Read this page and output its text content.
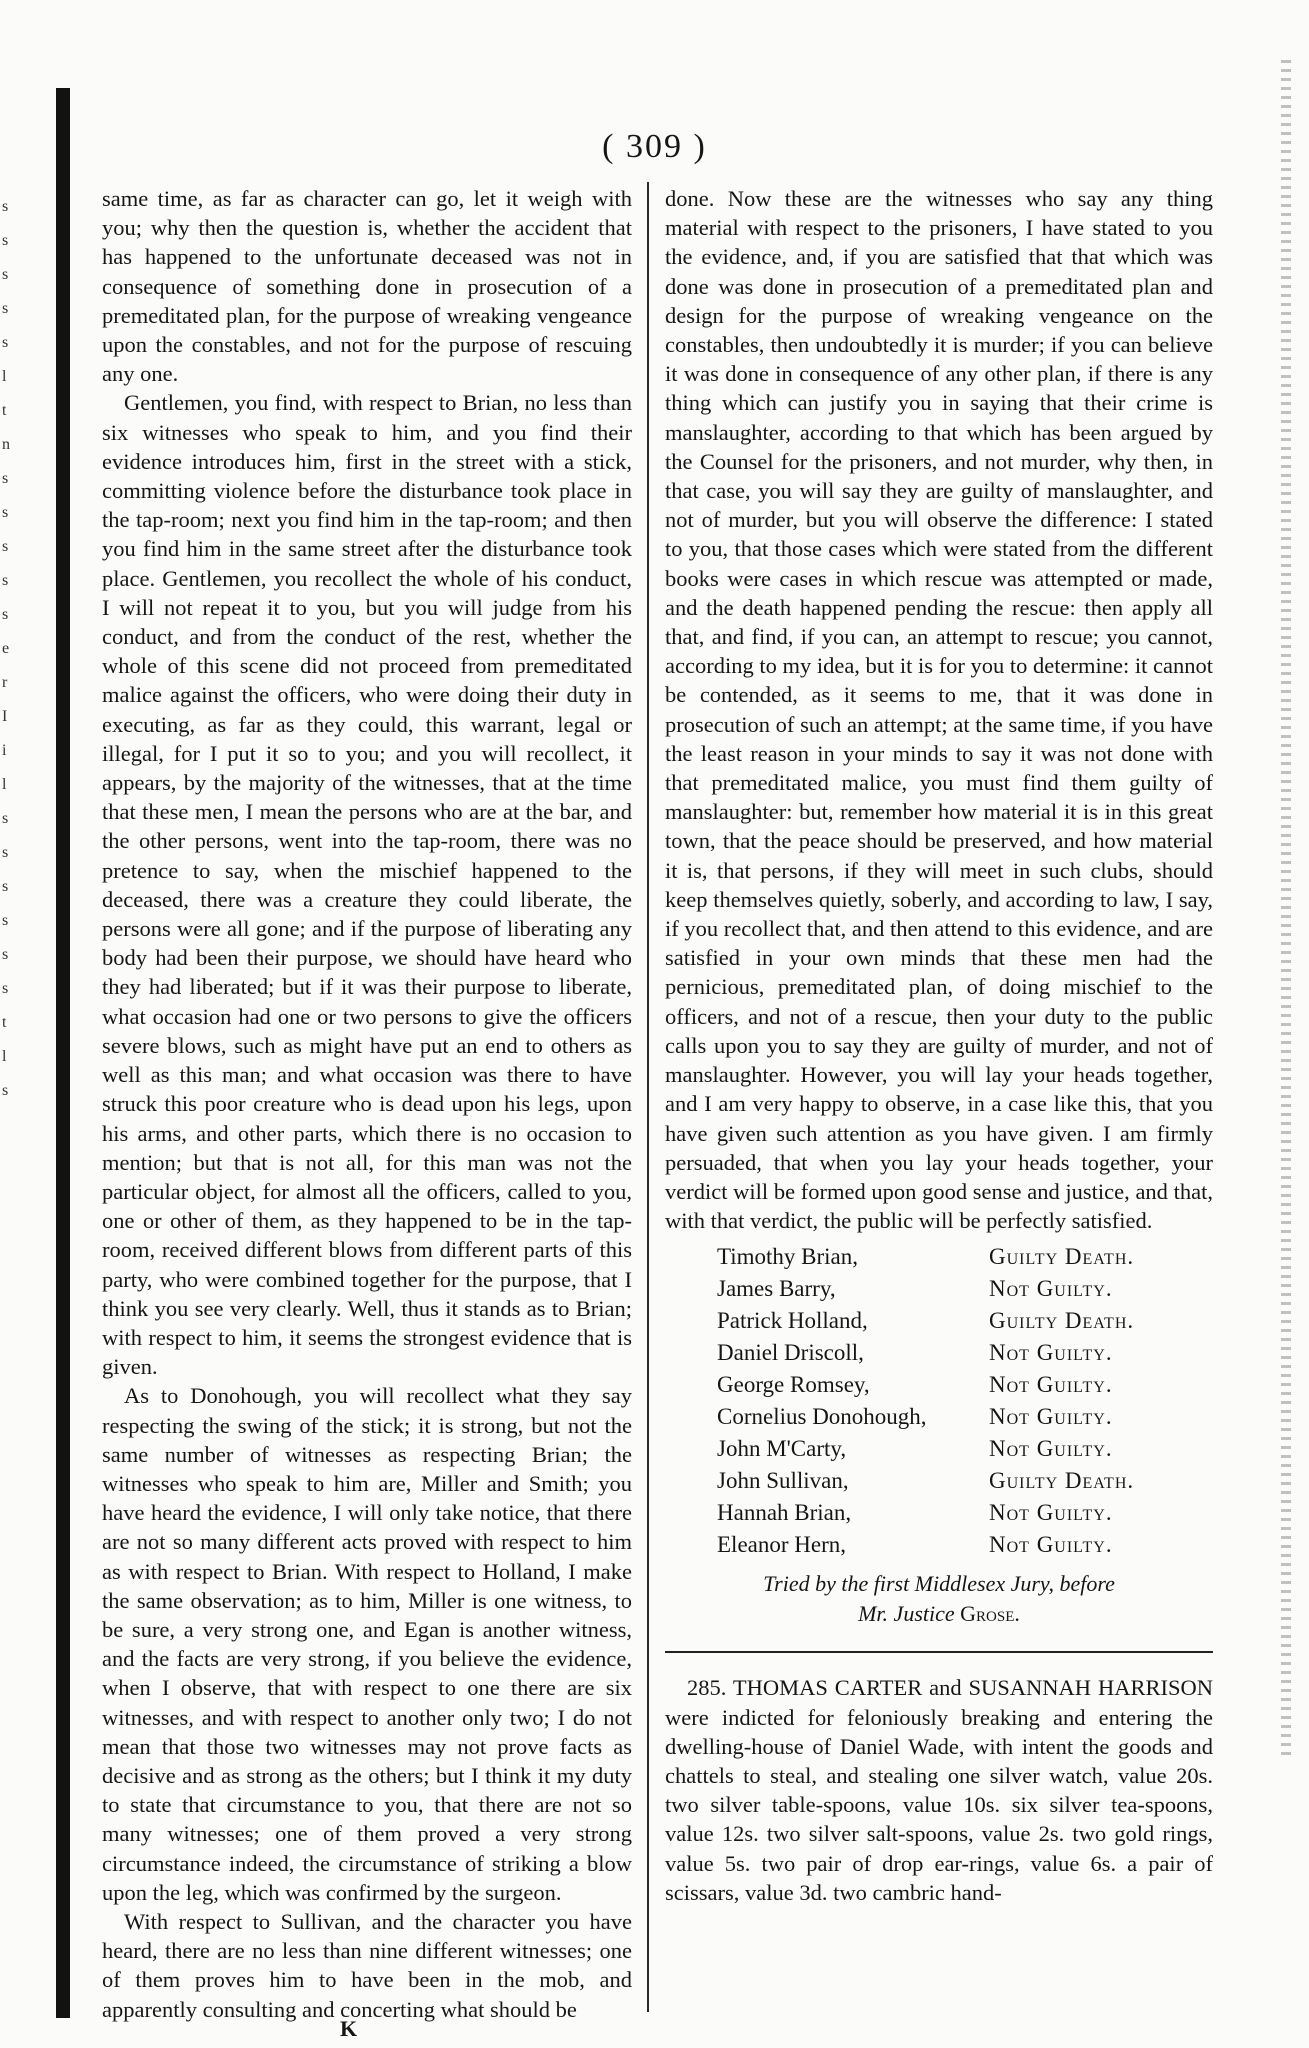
s
s
s
s
s
l
t
n
s
s
s
s
s
e
r
I
i
l
s
s
s
s
s
s
t
l
s
( 309 )

same time, as far as character can go, let it weigh with you; why then the question is, whether the accident that has happened to the unfortunate deceased was not in consequence of something done in prosecution of a premeditated plan, for the purpose of wreaking vengeance upon the constables, and not for the purpose of rescuing any one.

Gentlemen, you find, with respect to Brian, no less than six witnesses who speak to him, and you find their evidence introduces him, first in the street with a stick, committing violence before the disturbance took place in the tap-room; next you find him in the tap-room; and then you find him in the same street after the disturbance took place. Gentlemen, you recollect the whole of his conduct, I will not repeat it to you, but you will judge from his conduct, and from the conduct of the rest, whether the whole of this scene did not proceed from premeditated malice against the officers, who were doing their duty in executing, as far as they could, this warrant, legal or illegal, for I put it so to you; and you will recollect, it appears, by the majority of the witnesses, that at the time that these men, I mean the persons who are at the bar, and the other persons, went into the tap-room, there was no pretence to say, when the mischief happened to the deceased, there was a creature they could liberate, the persons were all gone; and if the purpose of liberating any body had been their purpose, we should have heard who they had liberated; but if it was their purpose to liberate, what occasion had one or two persons to give the officers severe blows, such as might have put an end to others as well as this man; and what occasion was there to have struck this poor creature who is dead upon his legs, upon his arms, and other parts, which there is no occasion to mention; but that is not all, for this man was not the particular object, for almost all the officers, called to you, one or other of them, as they happened to be in the tap-room, received different blows from different parts of this party, who were combined together for the purpose, that I think you see very clearly. Well, thus it stands as to Brian; with respect to him, it seems the strongest evidence that is given.

As to Donohough, you will recollect what they say respecting the swing of the stick; it is strong, but not the same number of witnesses as respecting Brian; the witnesses who speak to him are, Miller and Smith; you have heard the evidence, I will only take notice, that there are not so many different acts proved with respect to him as with respect to Brian. With respect to Holland, I make the same observation; as to him, Miller is one witness, to be sure, a very strong one, and Egan is another witness, and the facts are very strong, if you believe the evidence, when I observe, that with respect to one there are six witnesses, and with respect to another only two; I do not mean that those two witnesses may not prove facts as decisive and as strong as the others; but I think it my duty to state that circumstance to you, that there are not so many witnesses; one of them proved a very strong circumstance indeed, the circumstance of striking a blow upon the leg, which was confirmed by the surgeon.

With respect to Sullivan, and the character you have heard, there are no less than nine different witnesses; one of them proves him to have been in the mob, and apparently consulting and concerting what should be

done. Now these are the witnesses who say any thing material with respect to the prisoners, I have stated to you the evidence, and, if you are satisfied that that which was done was done in prosecution of a premeditated plan and design for the purpose of wreaking vengeance on the constables, then undoubtedly it is murder; if you can believe it was done in consequence of any other plan, if there is any thing which can justify you in saying that their crime is manslaughter, according to that which has been argued by the Counsel for the prisoners, and not murder, why then, in that case, you will say they are guilty of manslaughter, and not of murder, but you will observe the difference: I stated to you, that those cases which were stated from the different books were cases in which rescue was attempted or made, and the death happened pending the rescue: then apply all that, and find, if you can, an attempt to rescue; you cannot, according to my idea, but it is for you to determine: it cannot be contended, as it seems to me, that it was done in prosecution of such an attempt; at the same time, if you have the least reason in your minds to say it was not done with that premeditated malice, you must find them guilty of manslaughter: but, remember how material it is in this great town, that the peace should be preserved, and how material it is, that persons, if they will meet in such clubs, should keep themselves quietly, soberly, and according to law, I say, if you recollect that, and then attend to this evidence, and are satisfied in your own minds that these men had the pernicious, premeditated plan, of doing mischief to the officers, and not of a rescue, then your duty to the public calls upon you to say they are guilty of murder, and not of manslaughter. However, you will lay your heads together, and I am very happy to observe, in a case like this, that you have given such attention as you have given. I am firmly persuaded, that when you lay your heads together, your verdict will be formed upon good sense and justice, and that, with that verdict, the public will be perfectly satisfied.

Timothy Brian,	Guilty Death.
James Barry,	Not Guilty.
Patrick Holland,	Guilty Death.
Daniel Driscoll,	Not Guilty.
George Romsey,	Not Guilty.
Cornelius Donohough,	Not Guilty.
John M'Carty,	Not Guilty.
John Sullivan,	Guilty Death.
Hannah Brian,	Not Guilty.
Eleanor Hern,	Not Guilty.
Tried by the first Middlesex Jury, before
Mr. Justice Grose.

285. THOMAS CARTER and SUSANNAH HARRISON were indicted for feloniously breaking and entering the dwelling-house of Daniel Wade, with intent the goods and chattels to steal, and stealing one silver watch, value 20s. two silver table-spoons, value 10s. six silver tea-spoons, value 12s. two silver salt-spoons, value 2s. two gold rings, value 5s. two pair of drop ear-rings, value 6s. a pair of scissars, value 3d. two cambric hand-

K
